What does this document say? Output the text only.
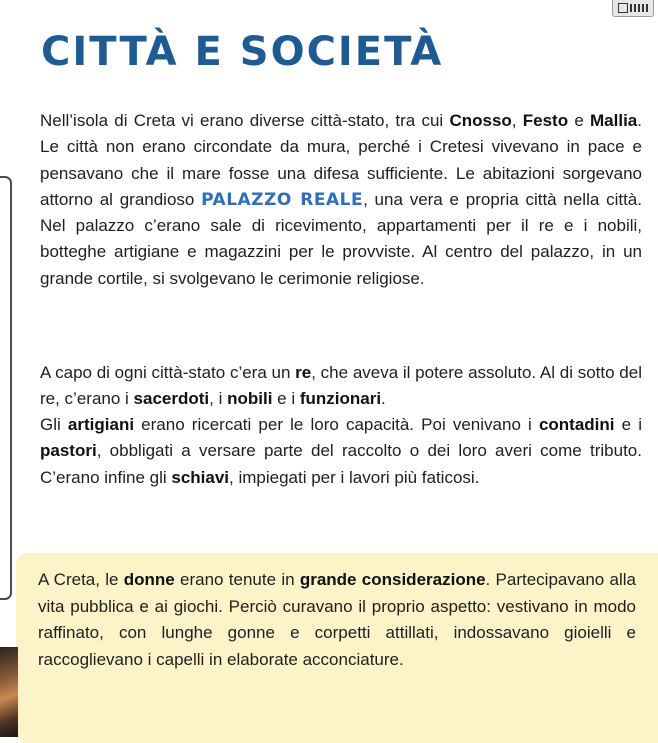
CITTÀ E SOCIETÀ

Nell’isola di Creta vi erano diverse città-stato, tra cui Cnosso, Festo e Mallia. Le città non erano circondate da mura, perché i Cretesi vivevano in pace e pensavano che il mare fosse una difesa sufficiente. Le abitazioni sorgevano attorno al grandioso PALAZZO REALE, una vera e propria città nella città. Nel palazzo c’erano sale di ricevimento, appartamenti per il re e i nobili, botteghe artigiane e magazzini per le provviste. Al centro del palazzo, in un grande cortile, si svolgevano le cerimonie religiose.

A capo di ogni città-stato c’era un re, che aveva il potere assoluto. Al di sotto del re, c’erano i sacerdoti, i nobili e i funzionari.

Gli artigiani erano ricercati per le loro capacità. Poi venivano i contadini e i pastori, obbligati a versare parte del raccolto o dei loro averi come tributo. C’erano infine gli schiavi, impiegati per i lavori più faticosi.

A Creta, le donne erano tenute in grande considerazione. Partecipavano alla vita pubblica e ai giochi. Perciò curavano il proprio aspetto: vestivano in modo raffinato, con lunghe gonne e corpetti attillati, indossavano gioielli e raccoglievano i capelli in elaborate acconciature.
